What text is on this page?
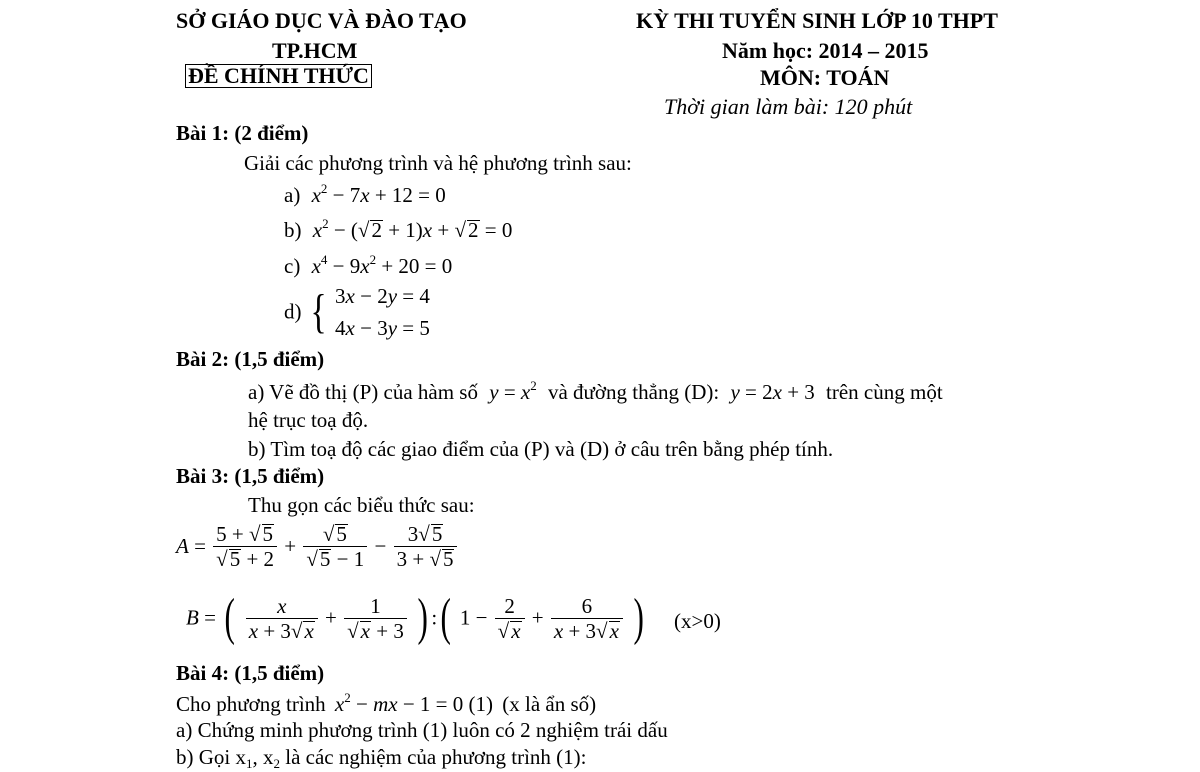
SỞ GIÁO DỤC VÀ ĐÀO TẠO
TP.HCM
ĐỀ CHÍNH THỨC
KỲ THI TUYỂN SINH LỚP 10 THPT
Năm học: 2014 – 2015
MÔN: TOÁN
Thời gian làm bài: 120 phút
Bài 1: (2 điểm)
Giải các phương trình và hệ phương trình sau:
a) $x^2 - 7x + 12 = 0$
b) $x^2 - (√2 + 1)x + √2 = 0$
c) $x^4 - 9x^2 + 20 = 0$
d) { 3x − 2y = 4
4x − 3y = 5
Bài 2: (1,5 điểm)
a) Vẽ đồ thị (P) của hàm số $y = x^2$ và đường thẳng (D): y = 2x + 3 trên cùng một
hệ trục toạ độ.
b) Tìm toạ độ các giao điểm của (P) và (D) ở câu trên bằng phép tính.
Bài 3: (1,5 điểm)
Thu gọn các biểu thức sau:
$A = \frac{5 + √5}{√5 + 2} + \frac{√5}{√5 - 1} - \frac{3√5}{3 + √5}$
B = ( $\frac{x}{x + 3√x} + \frac{1}{√x + 3}$ ) :( $1 - \frac{2}{√x} + \frac{6}{x + 3√x}$ ) (x>0)
Bài 4: (1,5 điểm)
Cho phương trình $x^2$ − mx − 1 = 0 (1) (x là ẩn số)
a) Chứng minh phương trình (1) luôn có 2 nghiệm trái dấu
b) Gọi $x_1$, $x_2$ là các nghiệm của phương trình (1):
